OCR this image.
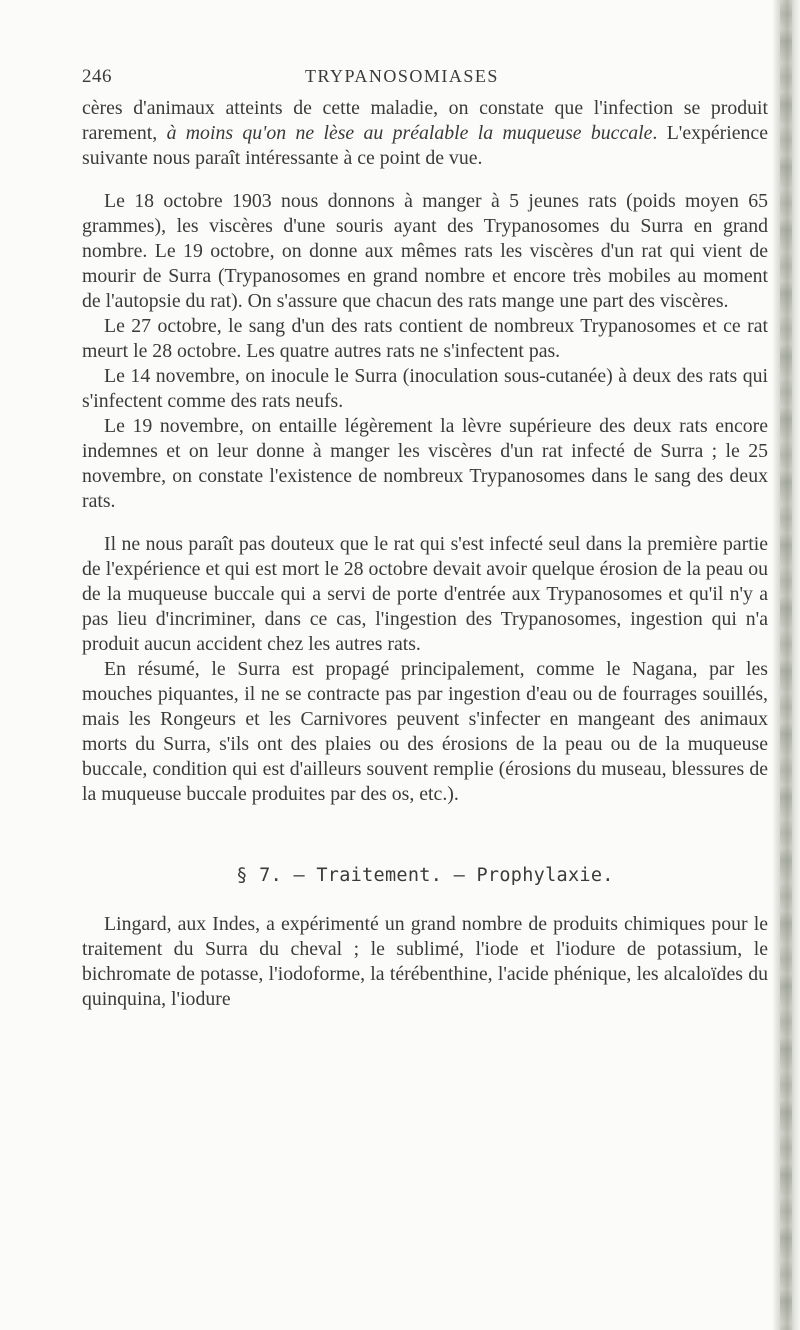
246	TRYPANOSOMIASES

cères d'animaux atteints de cette maladie, on constate que l'infection se produit rarement, à moins qu'on ne lèse au préalable la muqueuse buccale. L'expérience suivante nous paraît intéressante à ce point de vue.

Le 18 octobre 1903 nous donnons à manger à 5 jeunes rats (poids moyen 65 grammes), les viscères d'une souris ayant des Trypanosomes du Surra en grand nombre. Le 19 octobre, on donne aux mêmes rats les viscères d'un rat qui vient de mourir de Surra (Trypanosomes en grand nombre et encore très mobiles au moment de l'autopsie du rat). On s'assure que chacun des rats mange une part des viscères.

Le 27 octobre, le sang d'un des rats contient de nombreux Trypanosomes et ce rat meurt le 28 octobre. Les quatre autres rats ne s'infectent pas.

Le 14 novembre, on inocule le Surra (inoculation sous-cutanée) à deux des rats qui s'infectent comme des rats neufs.

Le 19 novembre, on entaille légèrement la lèvre supérieure des deux rats encore indemnes et on leur donne à manger les viscères d'un rat infecté de Surra ; le 25 novembre, on constate l'existence de nombreux Trypanosomes dans le sang des deux rats.

Il ne nous paraît pas douteux que le rat qui s'est infecté seul dans la première partie de l'expérience et qui est mort le 28 octobre devait avoir quelque érosion de la peau ou de la muqueuse buccale qui a servi de porte d'entrée aux Trypanosomes et qu'il n'y a pas lieu d'incriminer, dans ce cas, l'ingestion des Trypanosomes, ingestion qui n'a produit aucun accident chez les autres rats.

En résumé, le Surra est propagé principalement, comme le Nagana, par les mouches piquantes, il ne se contracte pas par ingestion d'eau ou de fourrages souillés, mais les Rongeurs et les Carnivores peuvent s'infecter en mangeant des animaux morts du Surra, s'ils ont des plaies ou des érosions de la peau ou de la muqueuse buccale, condition qui est d'ailleurs souvent remplie (érosions du museau, blessures de la muqueuse buccale produites par des os, etc.).

§ 7. — Traitement. — Prophylaxie.

Lingard, aux Indes, a expérimenté un grand nombre de produits chimiques pour le traitement du Surra du cheval ; le sublimé, l'iode et l'iodure de potassium, le bichromate de potasse, l'iodoforme, la térébenthine, l'acide phénique, les alcaloïdes du quinquina, l'iodure
